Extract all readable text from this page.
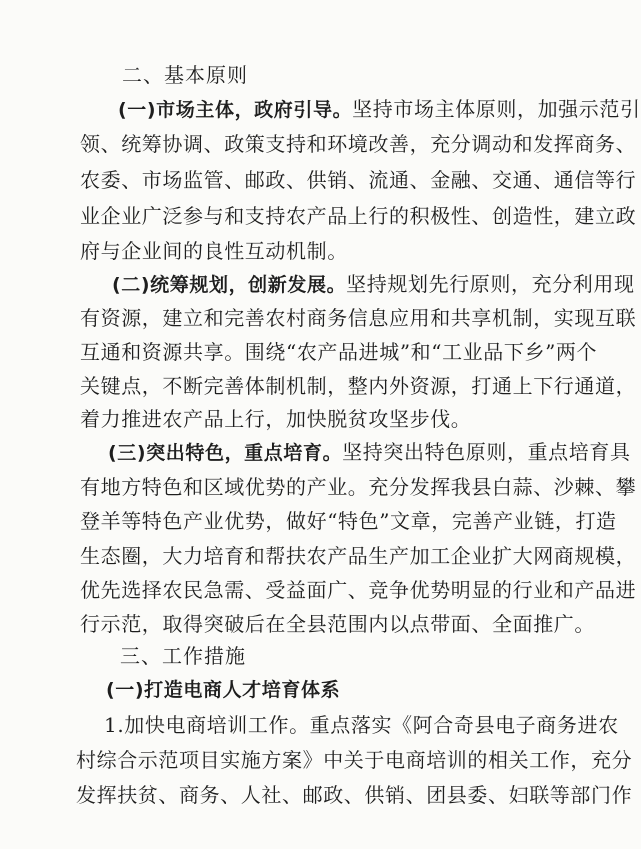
二、基本原则

(一)市场主体，政府引导。坚持市场主体原则，加强示范引

领、统筹协调、政策支持和环境改善，充分调动和发挥商务、

农委、市场监管、邮政、供销、流通、金融、交通、通信等行

业企业广泛参与和支持农产品上行的积极性、创造性，建立政

府与企业间的良性互动机制。

(二)统筹规划，创新发展。坚持规划先行原则，充分利用现

有资源，建立和完善农村商务信息应用和共享机制，实现互联

互通和资源共享。围绕“农产品进城”和“工业品下乡”两个

关键点，不断完善体制机制，整内外资源，打通上下行通道，

着力推进农产品上行，加快脱贫攻坚步伐。

(三)突出特色，重点培育。坚持突出特色原则，重点培育具

有地方特色和区域优势的产业。充分发挥我县白蒜、沙棘、攀

登羊等特色产业优势，做好“特色”文章，完善产业链，打造

生态圈，大力培育和帮扶农产品生产加工企业扩大网商规模，

优先选择农民急需、受益面广、竞争优势明显的行业和产品进

行示范，取得突破后在全县范围内以点带面、全面推广。

三、工作措施

(一)打造电商人才培育体系

1.加快电商培训工作。重点落实《阿合奇县电子商务进农

村综合示范项目实施方案》中关于电商培训的相关工作，充分

发挥扶贫、商务、人社、邮政、供销、团县委、妇联等部门作
